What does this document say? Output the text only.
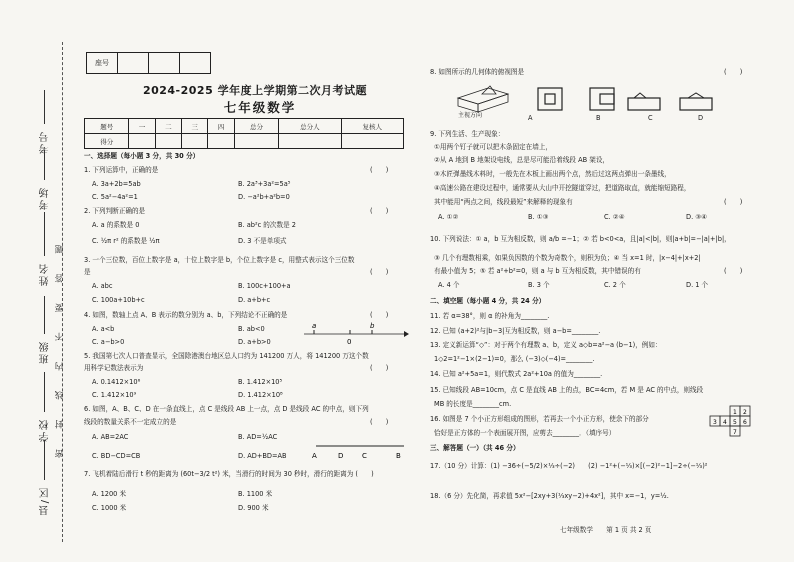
考号
考场
姓名
班级
学校
县/区
密 封 线 内 不 要 答 题
座号			
2024-2025 学年度上学期第二次月考试题
七年级数学
题号	一	二	三	四	总分	总分人	复核人
得分							
一、选择题（每小题 3 分，共 30 分）
1. 下列运算中，正确的是	(　　)
A. 3a+2b=5ab	B. 2a³+3a²=5a⁵
C. 5a²−4a²=1	D. −a²b+a²b=0
2. 下列判断正确的是	(　　)
A. a 的系数是 0	B. ab²c 的次数是 2
C. ½π r² 的系数是 ½π	D. 3 不是单项式
3. 一个三位数，百位上数字是 a，十位上数字是 b，个位上数字是 c，用整式表示这个三位数
是	(　　)
A. abc	B. 100c+100+a
C. 100a+10b+c	D. a+b+c
4. 如图，数轴上点 A、B 表示的数分别为 a、b，下列结论不正确的是	(　　)
A. a<b	B. ab<0
C. a−b>0	D. a+b>0
5. 我国第七次人口普查显示，全国除港澳台地区总人口约为 141200 万人，将 141200 万这个数
用科学记数法表示为	(　　)
A. 0.1412×10⁶	B. 1.412×10⁵
C. 1.412×10⁹	D. 1.412×10⁸
6. 如图，A、B、C、D 在一条直线上，点 C 是线段 AB 上一点，点 D 是线段 AC 的中点，则下列
线段的数量关系不一定成立的是	(　　)
A. AB=2AC	B. AD=½AC
C. BD−CD=CB	D. AD+BD=AB
7. 飞机着陆后滑行 t 秒的距离为 (60t−3/2 t²) 米，当滑行的时间为 30 秒时，滑行的距离为 (　　)
A. 1200 米	B. 1100 米
C. 1000 米	D. 900 米
a
0
b
A	D	C	B
8. 如图所示的几何体的俯视图是	(　　)
主视方向	A	B	C	D
9. 下列生活、生产现象：
①用两个钉子就可以把木条固定在墙上，
②从 A 地到 B 地架设电线，总是尽可能沿着线段 AB 架设，
③木匠弹墨线木料时，一般先在木板上画出两个点，然后过这两点弹出一条墨线，
④高速公路在建设过程中，通常要从大山中开挖隧道穿过，把道路取直，就能缩短路程，
其中能用“两点之间，线段最短”来解释的现象有	(　　)
A. ①②	B. ①③	C. ②④	D. ③④
10. 下列说法：① a，b 互为相反数，则 a/b =−1；② 若 b<0<a，且|a|<|b|，则|a+b|=−|a|+|b|，
③ 几个有理数相乘，如果负因数的个数为奇数个，则积为负；④ 当 x=1 时，|x−4|+|x+2|
有最小值为 5；⑤ 若 a²+b²=0，则 a 与 b 互为相反数，其中错误的有	(　　)
A. 4 个	B. 3 个	C. 2 个	D. 1 个
二、填空题（每小题 4 分，共 24 分）
11. 若 α=38°，则 α 的补角为________.
12. 已知 (a+2)²与|b−3|互为相反数，则 a−b=________.
13. 定义新运算“◇”：对于两个有理数 a、b，定义 a◇b=a²−a (b−1)，例如：
1◇2=1²−1×(2−1)=0，那么 (−3)◇(−4)=________.
14. 已知 a²+5a=1，则代数式 2a²+10a 的值为________.
15. 已知线段 AB=10cm，点 C 是直线 AB 上的点，BC=4cm，若 M 是 AC 的中点，则线段
MB 的长度是________cm.
16. 如图是 7 个小正方形组成的图形，若再去一个小正方形，使余下的部分
恰好是正方体的一个表面展开图，应剪去________．（填序号）
三、解答题（一）（共 46 分）
17.（10 分）计算：(1) −36÷(−5/2)×⅓÷(−2)　　(2) −1²+(−⅓)×[(−2)²−1]−2÷(−⅓)²
18.（6 分）先化简，再求值 5x²−[2xy+3(⅓xy−2)+4x²]，其中 x=−1，y=½.
1 2
3 4 5 6
7
七年级数学　　第 1 页 共 2 页
